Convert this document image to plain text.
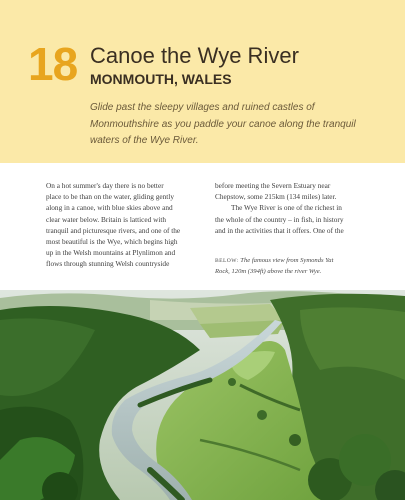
18 Canoe the Wye River
MONMOUTH, WALES
Glide past the sleepy villages and ruined castles of
Monmouthshire as you paddle your canoe along the tranquil
waters of the Wye River.
On a hot summer's day there is no better
place to be than on the water, gliding gently
along in a canoe, with blue skies above and
clear water below. Britain is latticed with
tranquil and picturesque rivers, and one of the
most beautiful is the Wye, which begins high
up in the Welsh mountains at Plynlimon and
flows through stunning Welsh countryside
before meeting the Severn Estuary near
Chepstow, some 215km (134 miles) later.
The Wye River is one of the richest in
the whole of the country – in fish, in history
and in the activities that it offers. One of the
BELOW: The famous view from Symonds Yat
Rock, 120m (394ft) above the river Wye.
